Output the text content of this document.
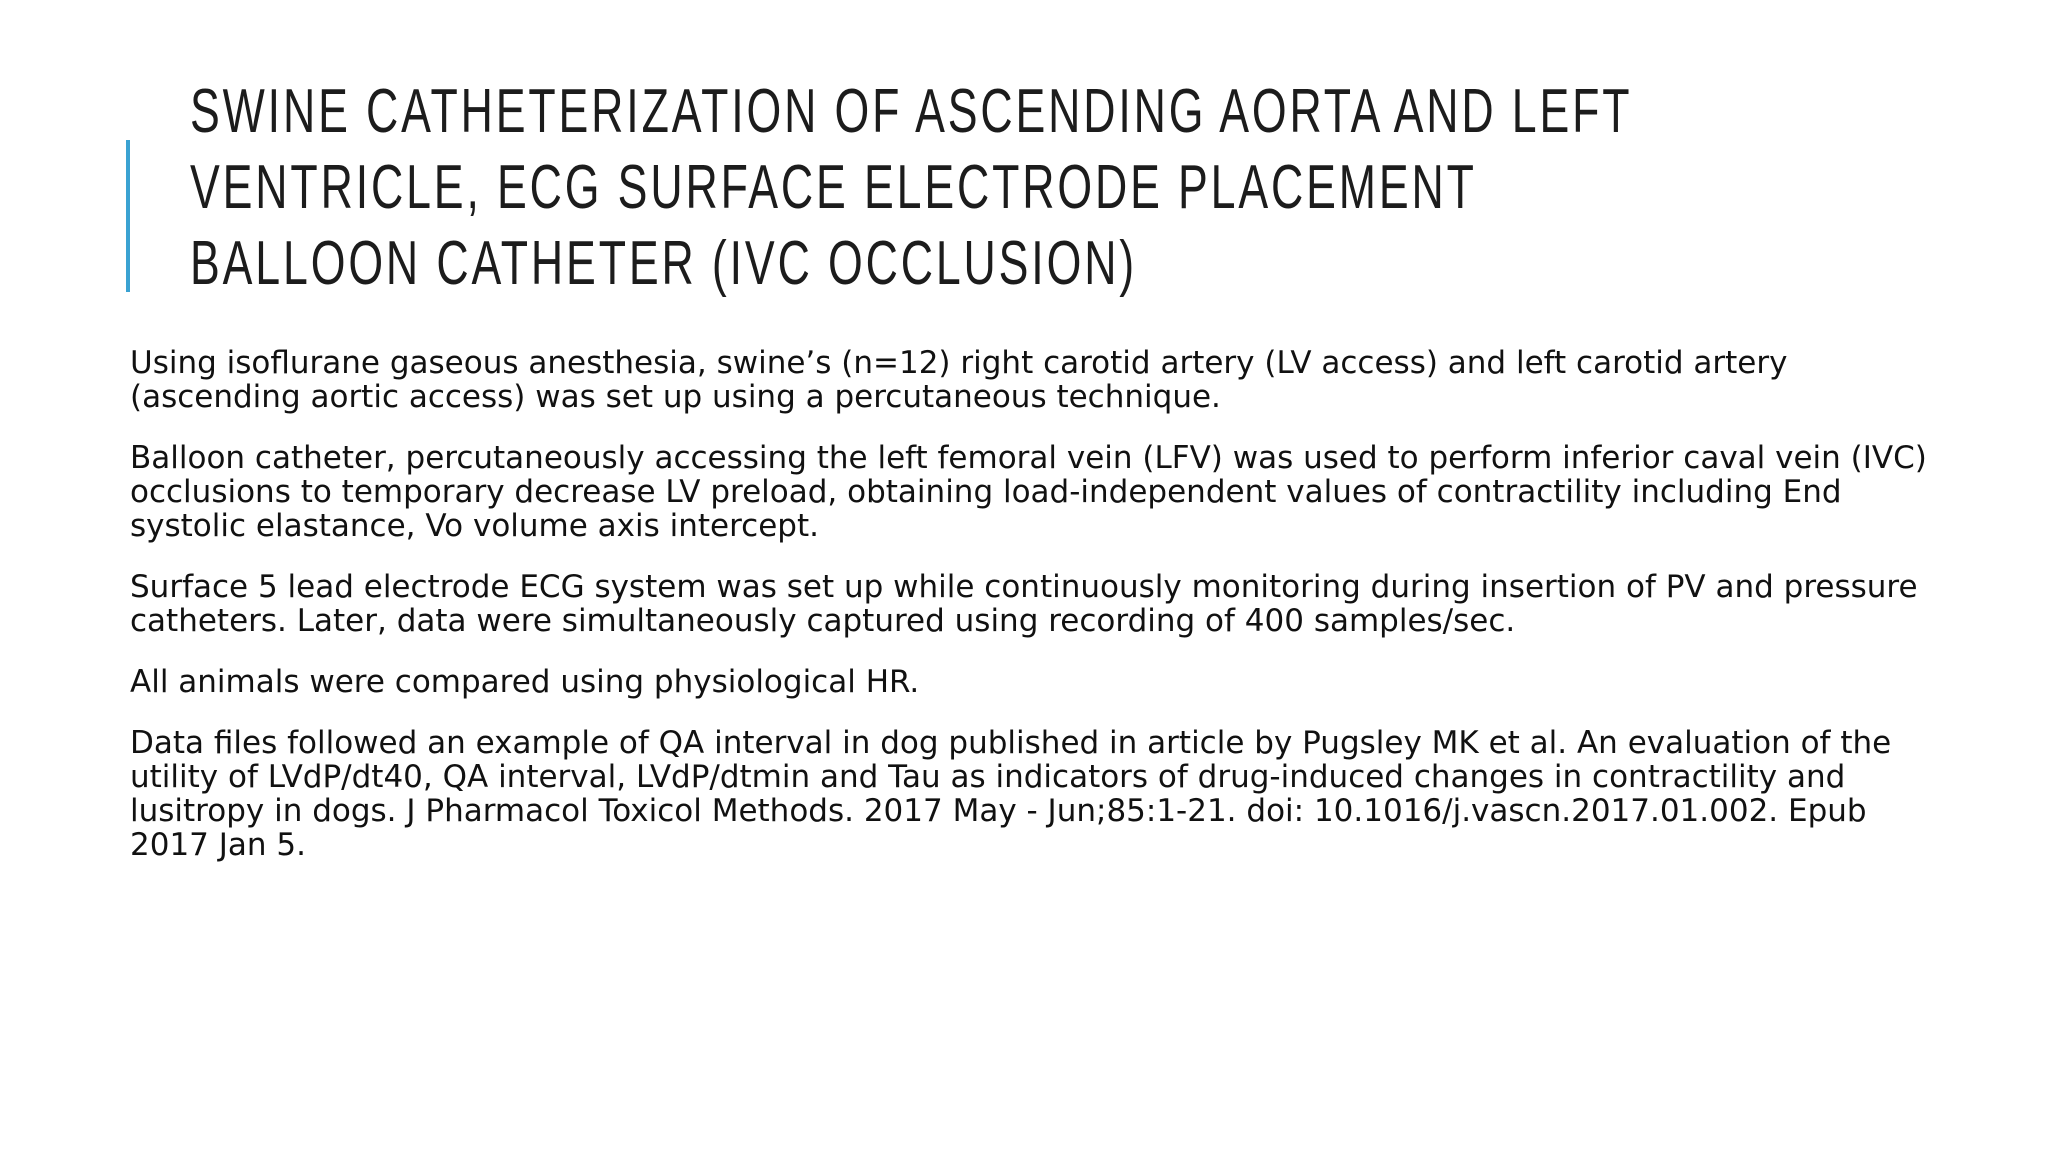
SWINE CATHETERIZATION OF ASCENDING AORTA AND LEFT
VENTRICLE, ECG SURFACE ELECTRODE PLACEMENT
BALLOON CATHETER (IVC OCCLUSION)

Using isoflurane gaseous anesthesia, swine’s (n=12) right carotid artery (LV access) and left carotid artery (ascending aortic access) was set up using a percutaneous technique.

Balloon catheter, percutaneously accessing the left femoral vein (LFV) was used to perform inferior caval vein (IVC) occlusions to temporary decrease LV preload, obtaining load-independent values of contractility including End systolic elastance, Vo volume axis intercept.

Surface 5 lead electrode ECG system was set up while continuously monitoring during insertion of PV and pressure catheters. Later, data were simultaneously captured using recording of 400 samples/sec.

All animals were compared using physiological HR.

Data files followed an example of QA interval in dog published in article by Pugsley MK et al. An evaluation of the utility of LVdP/dt40, QA interval, LVdP/dtmin and Tau as indicators of drug-induced changes in contractility and lusitropy in dogs. J Pharmacol Toxicol Methods. 2017 May - Jun;85:1-21. doi: 10.1016/j.vascn.2017.01.002. Epub 2017 Jan 5.
